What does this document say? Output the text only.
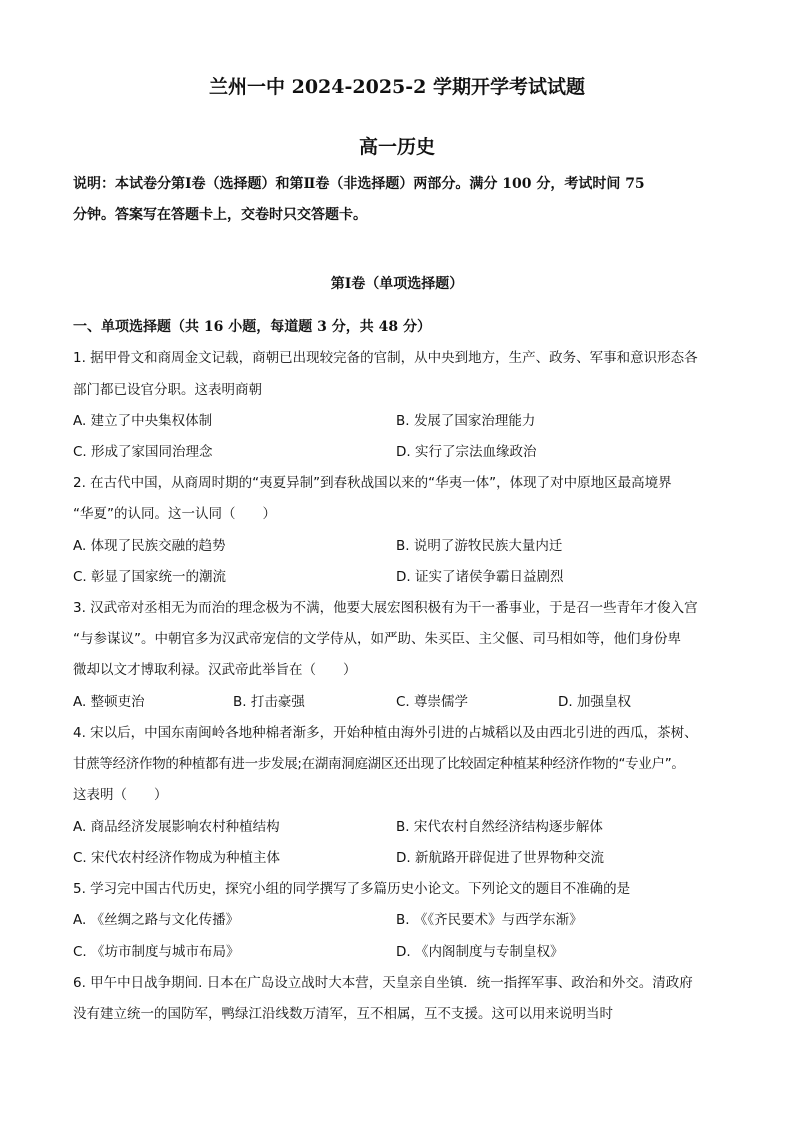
兰州一中 2024-2025-2 学期开学考试试题
高一历史
说明：本试卷分第Ⅰ卷（选择题）和第Ⅱ卷（非选择题）两部分。满分 100 分，考试时间 75
分钟。答案写在答题卡上，交卷时只交答题卡。
第Ⅰ卷（单项选择题）
一、单项选择题（共 16 小题，每道题 3 分，共 48 分）
1. 据甲骨文和商周金文记载，商朝已出现较完备的官制，从中央到地方，生产、政务、军事和意识形态各
部门都已设官分职。这表明商朝
A. 建立了中央集权体制	B. 发展了国家治理能力
C. 形成了家国同治理念	D. 实行了宗法血缘政治
2. 在古代中国，从商周时期的“夷夏异制”到春秋战国以来的“华夷一体”，体现了对中原地区最高境界
“华夏”的认同。这一认同（　　）
A. 体现了民族交融的趋势	B. 说明了游牧民族大量内迁
C. 彰显了国家统一的潮流	D. 证实了诸侯争霸日益剧烈
3. 汉武帝对丞相无为而治的理念极为不满，他要大展宏图积极有为干一番事业，于是召一些青年才俊入宫
“与参谋议”。中朝官多为汉武帝宠信的文学侍从，如严助、朱买臣、主父偃、司马相如等，他们身份卑
微却以文才博取利禄。汉武帝此举旨在（　　）
A. 整顿吏治	B. 打击豪强	C. 尊崇儒学	D. 加强皇权
4. 宋以后，中国东南闽岭各地种棉者渐多，开始种植由海外引进的占城稻以及由西北引进的西瓜，茶树、
甘蔗等经济作物的种植都有进一步发展;在湖南洞庭湖区还出现了比较固定种植某种经济作物的“专业户”。
这表明（　　）
A. 商品经济发展影响农村种植结构	B. 宋代农村自然经济结构逐步解体
C. 宋代农村经济作物成为种植主体	D. 新航路开辟促进了世界物种交流
5. 学习完中国古代历史，探究小组的同学撰写了多篇历史小论文。下列论文的题目不准确的是
A. 《丝绸之路与文化传播》	B. 《《齐民要术》与西学东渐》
C. 《坊市制度与城市布局》	D. 《内阁制度与专制皇权》
6. 甲午中日战争期间. 日本在广岛设立战时大本营，天皇亲自坐镇．统一指挥军事、政治和外交。清政府
没有建立统一的国防军，鸭绿江沿线数万清军，互不相属，互不支援。这可以用来说明当时
